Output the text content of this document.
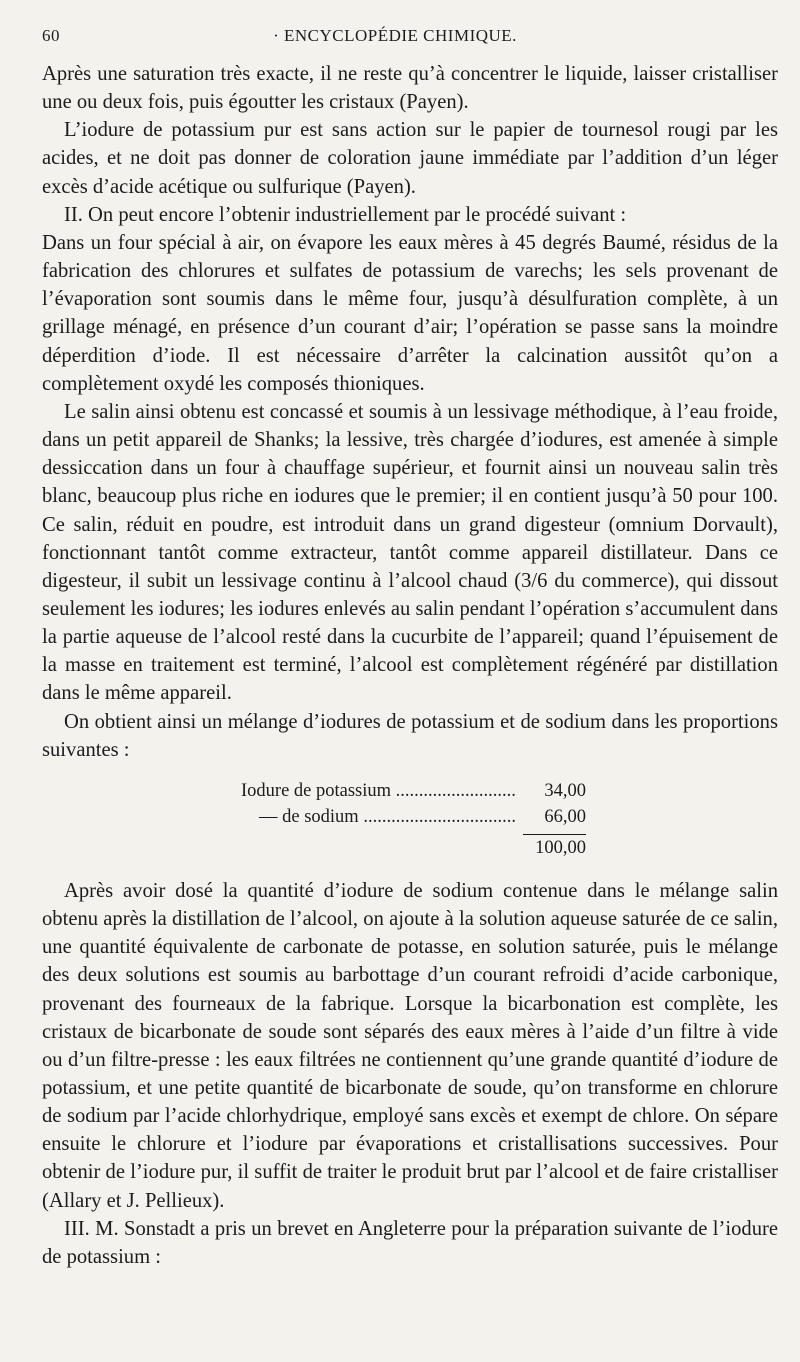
60	· ENCYCLOPÉDIE CHIMIQUE.

Après une saturation très exacte, il ne reste qu’à concentrer le liquide, laisser cristalliser une ou deux fois, puis égoutter les cristaux (Payen).

L’iodure de potassium pur est sans action sur le papier de tournesol rougi par les acides, et ne doit pas donner de coloration jaune immédiate par l’addition d’un léger excès d’acide acétique ou sulfurique (Payen).

II. On peut encore l’obtenir industriellement par le procédé suivant :

Dans un four spécial à air, on évapore les eaux mères à 45 degrés Baumé, résidus de la fabrication des chlorures et sulfates de potassium de varechs; les sels provenant de l’évaporation sont soumis dans le même four, jusqu’à désulfuration complète, à un grillage ménagé, en présence d’un courant d’air; l’opération se passe sans la moindre déperdition d’iode. Il est nécessaire d’arrêter la calcination aussitôt qu’on a complètement oxydé les composés thioniques.

Le salin ainsi obtenu est concassé et soumis à un lessivage méthodique, à l’eau froide, dans un petit appareil de Shanks; la lessive, très chargée d’iodures, est amenée à simple dessiccation dans un four à chauffage supérieur, et fournit ainsi un nouveau salin très blanc, beaucoup plus riche en iodures que le premier; il en contient jusqu’à 50 pour 100. Ce salin, réduit en poudre, est introduit dans un grand digesteur (omnium Dorvault), fonctionnant tantôt comme extracteur, tantôt comme appareil distillateur. Dans ce digesteur, il subit un lessivage continu à l’alcool chaud (3/6 du commerce), qui dissout seulement les iodures; les iodures enlevés au salin pendant l’opération s’accumulent dans la partie aqueuse de l’alcool resté dans la cucurbite de l’appareil; quand l’épuisement de la masse en traitement est terminé, l’alcool est complètement régénéré par distillation dans le même appareil.

On obtient ainsi un mélange d’iodures de potassium et de sodium dans les proportions suivantes :

Iodure de potassium .....	34,00
— de sodium .....	66,00
100,00

Après avoir dosé la quantité d’iodure de sodium contenue dans le mélange salin obtenu après la distillation de l’alcool, on ajoute à la solution aqueuse saturée de ce salin, une quantité équivalente de carbonate de potasse, en solution saturée, puis le mélange des deux solutions est soumis au barbottage d’un courant refroidi d’acide carbonique, provenant des fourneaux de la fabrique. Lorsque la bicarbonation est complète, les cristaux de bicarbonate de soude sont séparés des eaux mères à l’aide d’un filtre à vide ou d’un filtre-presse : les eaux filtrées ne contiennent qu’une grande quantité d’iodure de potassium, et une petite quantité de bicarbonate de soude, qu’on transforme en chlorure de sodium par l’acide chlorhydrique, employé sans excès et exempt de chlore. On sépare ensuite le chlorure et l’iodure par évaporations et cristallisations successives. Pour obtenir de l’iodure pur, il suffit de traiter le produit brut par l’alcool et de faire cristalliser (Allary et J. Pellieux).

III. M. Sonstadt a pris un brevet en Angleterre pour la préparation suivante de l’iodure de potassium :
